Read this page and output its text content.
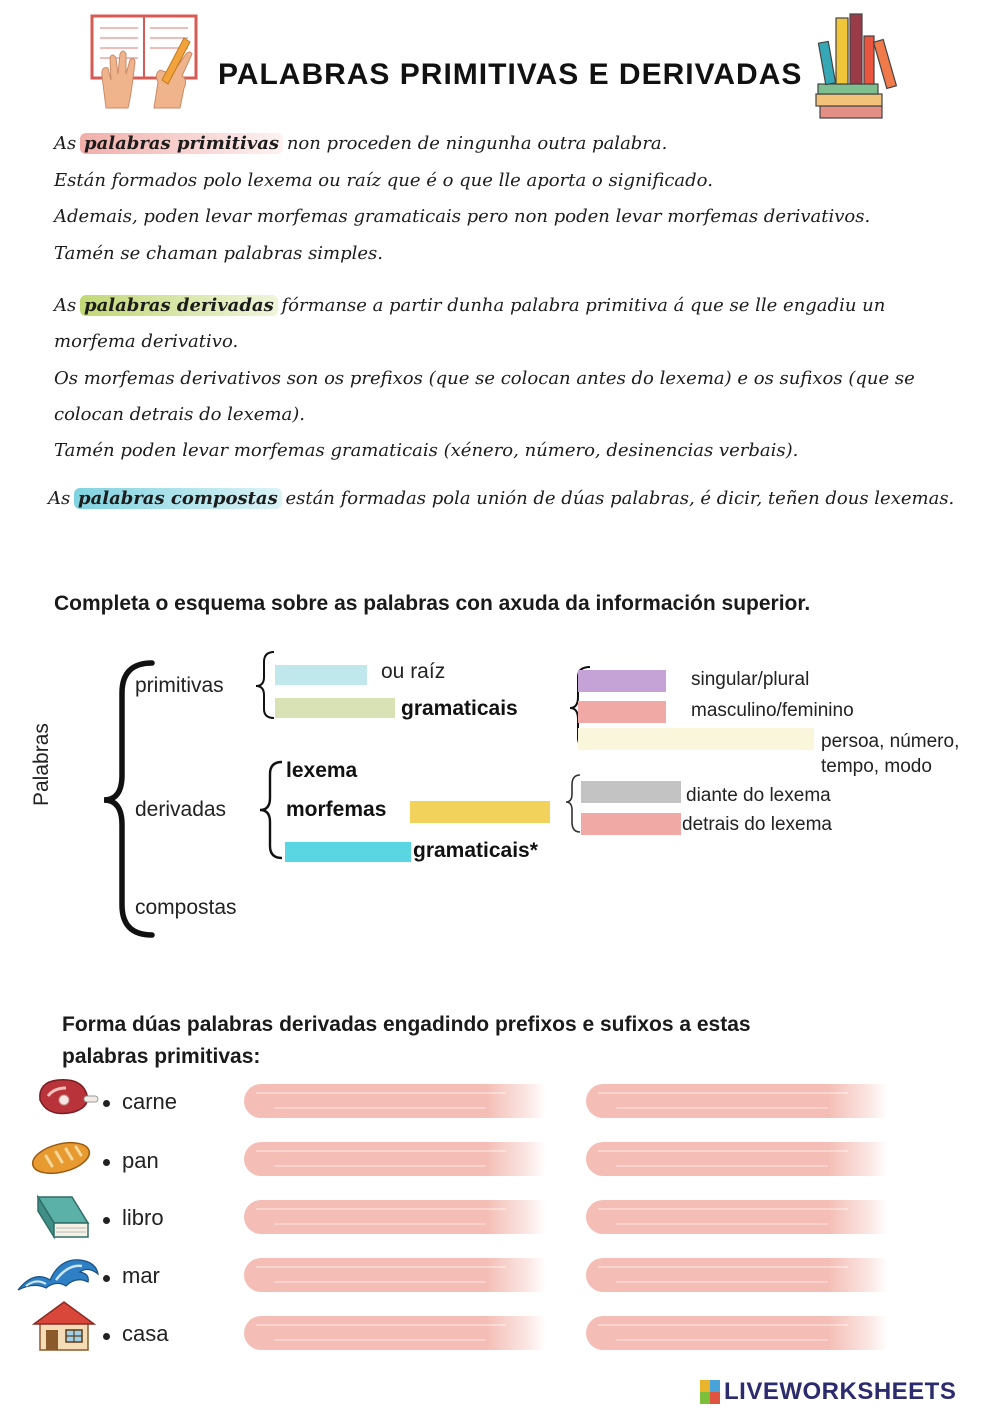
PALABRAS PRIMITIVAS E DERIVADAS
As palabras primitivas non proceden de ningunha outra palabra.
Están formados polo lexema ou raíz que é o que lle aporta o significado.
Ademais, poden levar morfemas gramaticais pero non poden levar morfemas derivativos.
Tamén se chaman palabras simples.
As palabras derivadas fórmanse a partir dunha palabra primitiva á que se lle engadiu un
morfema derivativo.
Os morfemas derivativos son os prefixos (que se colocan antes do lexema) e os sufixos (que se
colocan detrais do lexema).
Tamén poden levar morfemas gramaticais (xénero, número, desinencias verbais).
As palabras compostas están formadas pola unión de dúas palabras, é dicir, teñen dous lexemas.
Completa o esquema sobre as palabras con axuda da información superior.
Palabras
primitivas
derivadas
compostas
ou raíz
gramaticais
lexema
morfemas
gramaticais*
singular/plural
masculino/feminino
persoa, número,
tempo, modo
diante do lexema
detrais do lexema
Forma dúas palabras derivadas engadindo prefixos e sufixos a estas
palabras primitivas:
carne
pan
libro
mar
casa
LIVEWORKSHEETS
